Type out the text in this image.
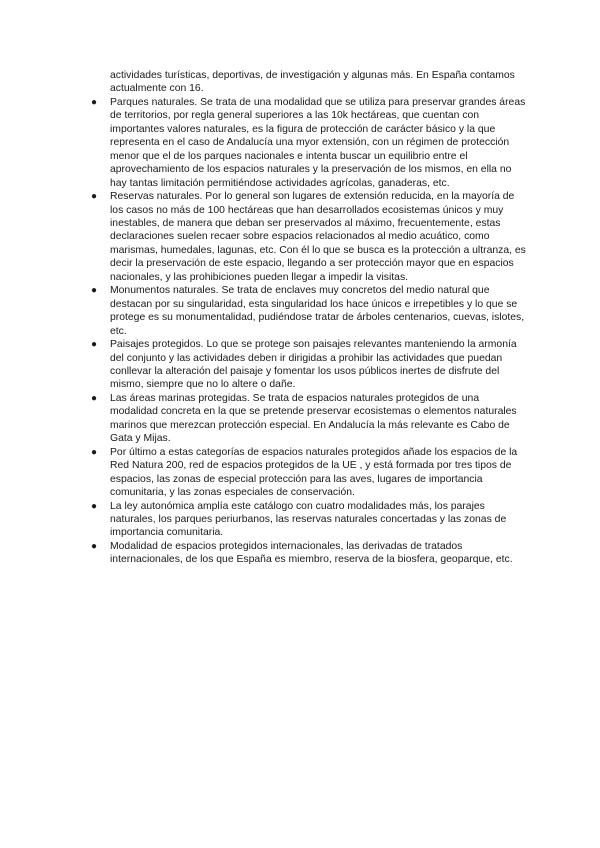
actividades turísticas, deportivas, de investigación y algunas más. En España contamos actualmente con 16.

● Parques naturales. Se trata de una modalidad que se utiliza para preservar grandes áreas de territorios, por regla general superiores a las 10k hectáreas, que cuentan con importantes valores naturales, es la figura de protección de carácter básico y la que representa en el caso de Andalucía una myor extensión, con un régimen de protección menor que el de los parques nacionales e intenta buscar un equilibrio entre el aprovechamiento de los espacios naturales y la preservación de los mismos, en ella no hay tantas limitación permitiéndose actividades agrícolas, ganaderas, etc.
● Reservas naturales. Por lo general son lugares de extensión reducida, en la mayoría de los casos no más de 100 hectáreas que han desarrollados ecosistemas únicos y muy inestables, de manera que deban ser preservados al máximo, frecuentemente, estas declaraciones suelen recaer sobre espacios relacionados al medio acuático, como marismas, humedales, lagunas, etc. Con él lo que se busca es la protección a ultranza, es decir la preservación de este espacio, llegando a ser protección mayor que en espacios nacionales, y las prohibiciones pueden llegar a impedir la visitas.
● Monumentos naturales. Se trata de enclaves muy concretos del medio natural que destacan por su singularidad, esta singularidad los hace únicos e irrepetibles y lo que se protege es su monumentalidad, pudiéndose tratar de árboles centenarios, cuevas, islotes, etc.
● Paisajes protegidos. Lo que se protege son paisajes relevantes manteniendo la armonía del conjunto y las actividades deben ir dirigidas a prohibir las actividades que puedan conllevar la alteración del paisaje y fomentar los usos públicos inertes de disfrute del mismo, siempre que no lo altere o dañe.
● Las áreas marinas protegidas. Se trata de espacios naturales protegidos de una modalidad concreta en la que se pretende preservar ecosistemas o elementos naturales marinos que merezcan protección especial. En Andalucía la más relevante es Cabo de Gata y Mijas.
● Por último a estas categorías de espacios naturales protegidos añade los espacios de la Red Natura 200, red de espacios protegidos de la UE , y está formada por tres tipos de espacios, las zonas de especial protección para las aves, lugares de importancia comunitaria, y las zonas especiales de conservación.
● La ley autonómica amplía este catálogo con cuatro modalidades más, los parajes naturales, los parques periurbanos, las reservas naturales concertadas y las zonas de importancia comunitaria.
● Modalidad de espacios protegidos internacionales, las derivadas de tratados internacionales, de los que España es miembro, reserva de la biosfera, geoparque, etc.
